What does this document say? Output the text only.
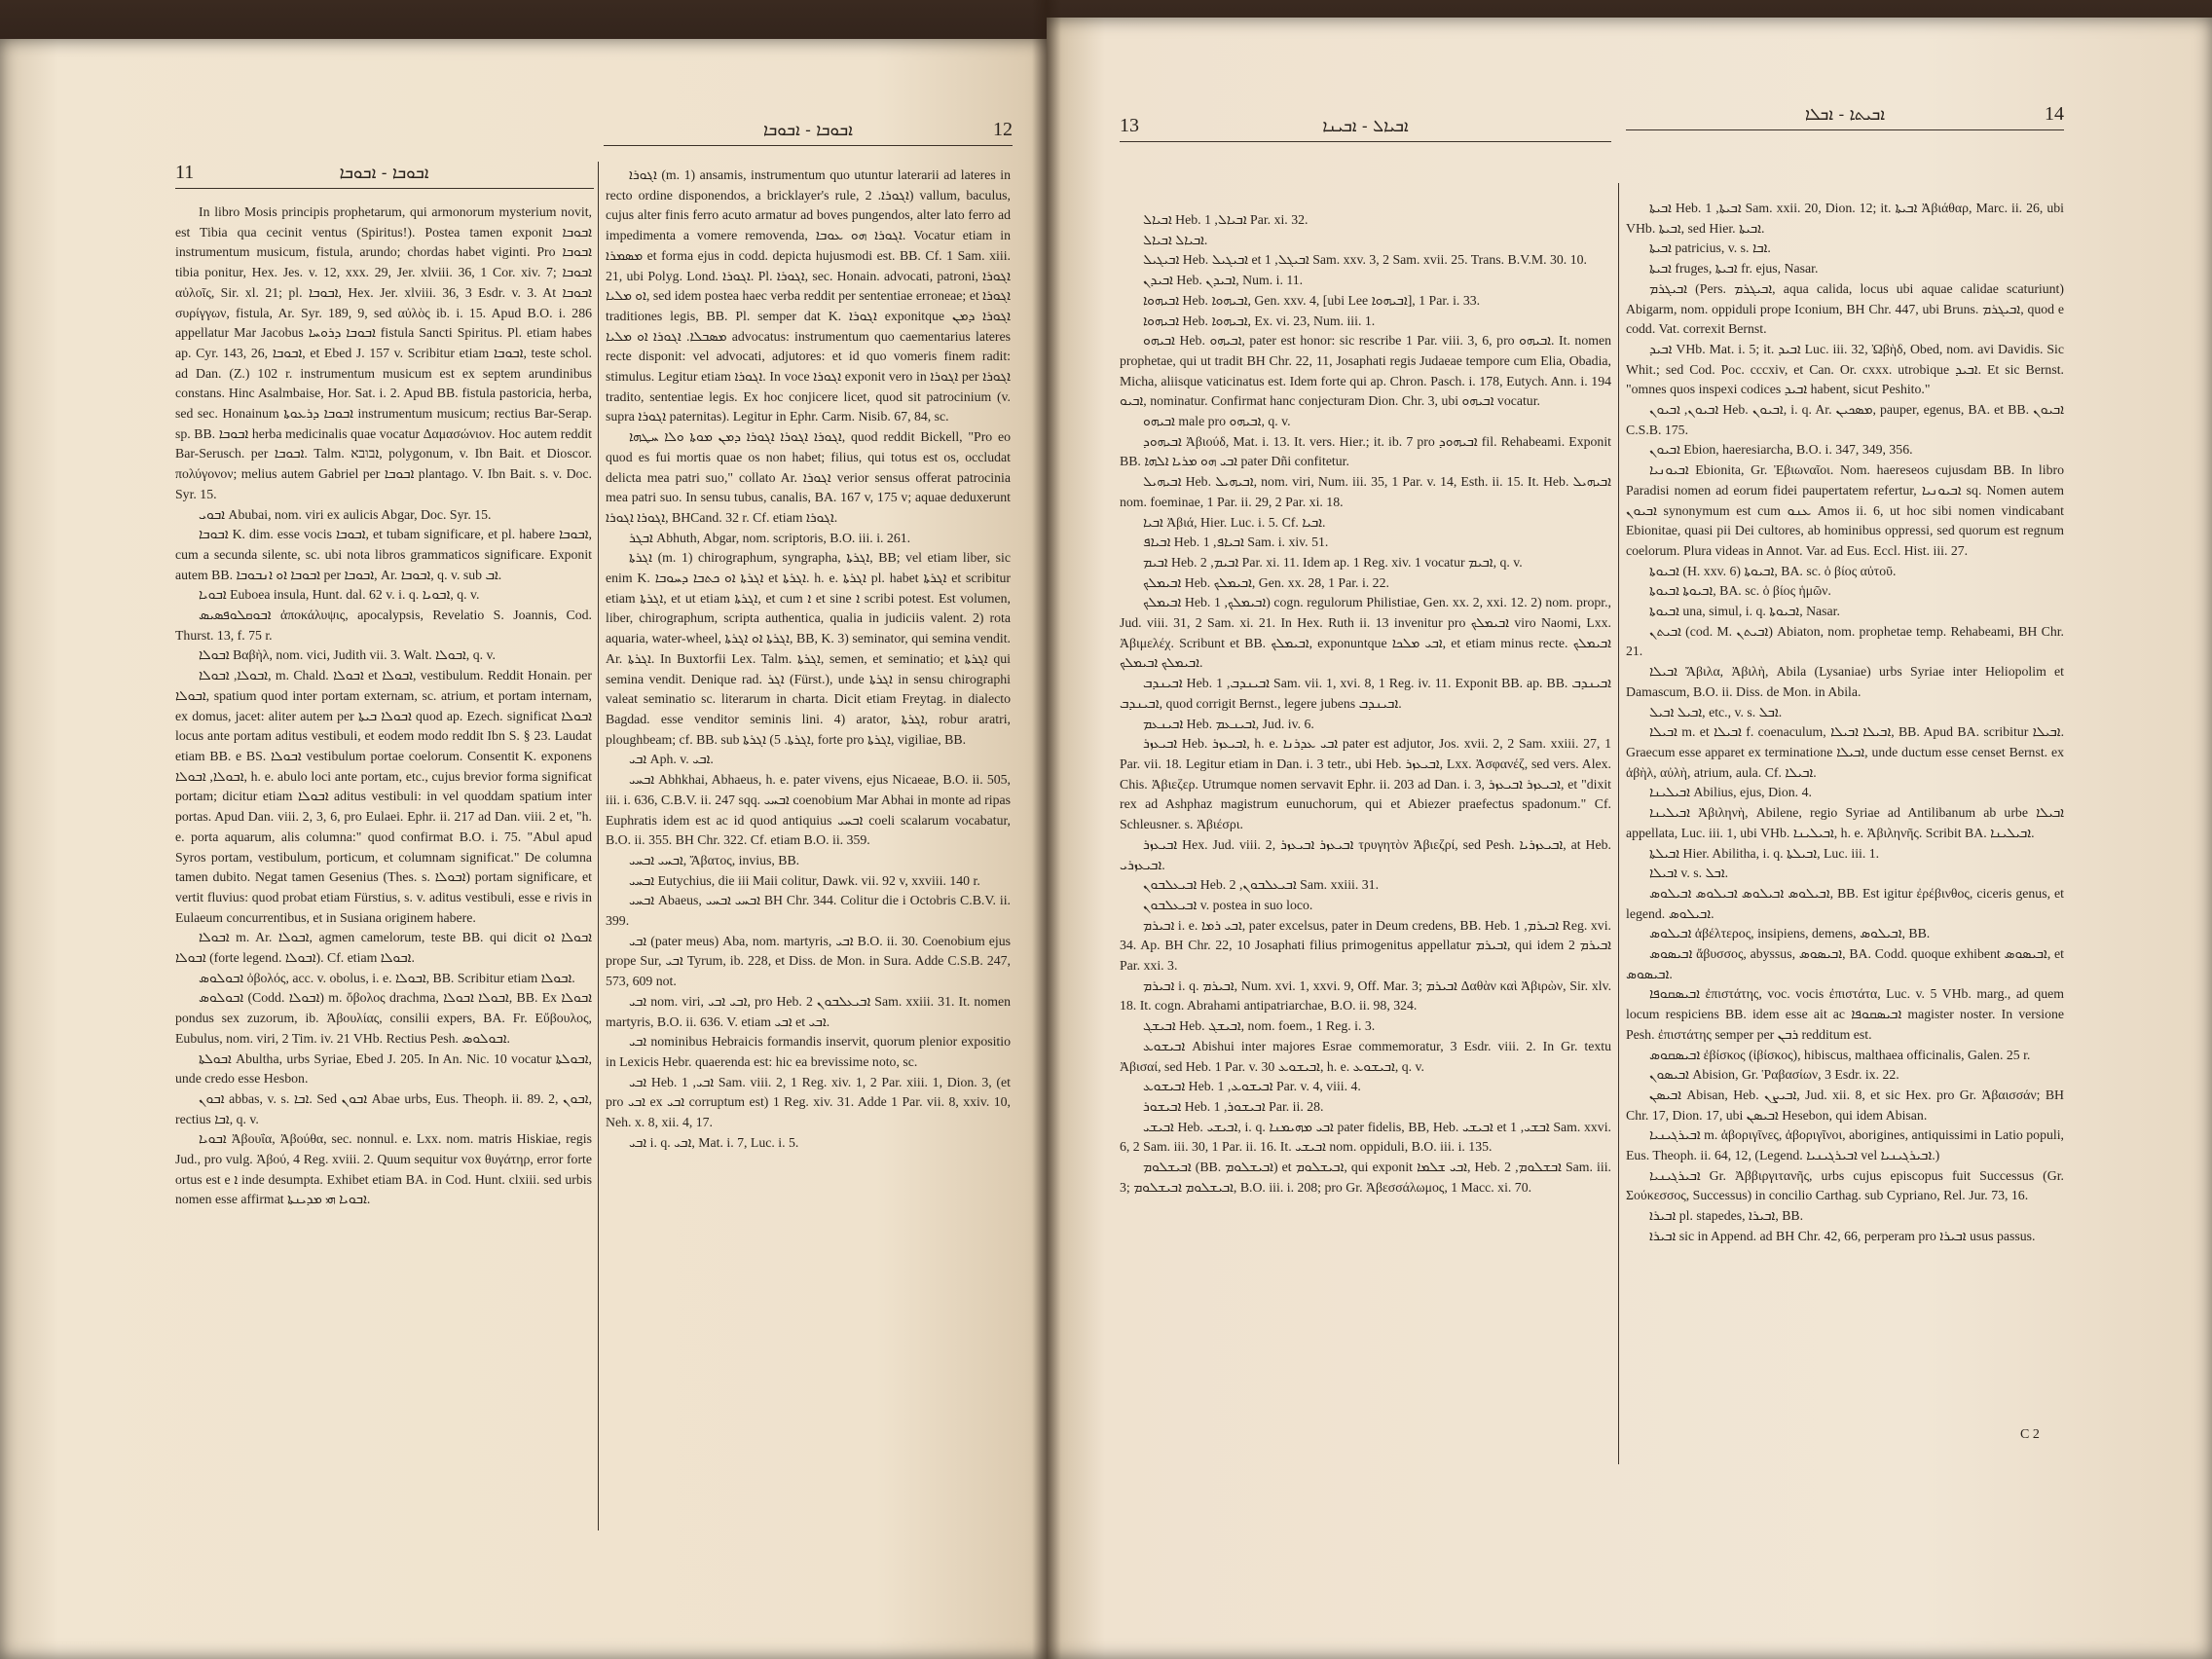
11	ܐܒܘܒܐ - ܐܒܘܒܐ

In libro Mosis principis prophetarum, qui armonorum mysterium novit, est Tibia qua cecinit ventus (Spiritus!). Postea tamen exponit ܐܒܘܒܐ instrumentum musicum, fistula, arundo; chordas habet viginti. Pro ܐܒܘܒܐ tibia ponitur, Hex. Jes. v. 12, xxx. 29, Jer. xlviii. 36, 1 Cor. xiv. 7; ܐܒܘܒܐ αὐλοῖς, Sir. xl. 21; pl. ܐܒܘܒܐ, Hex. Jer. xlviii. 36, 3 Esdr. v. 3. At ܐܒܘܒܐ συρίγγων, fistula, Ar. Syr. 189, 9, sed αὐλὸς ib. i. 15. Apud B.O. i. 286 appellatur Mar Jacobus ܐܒܘܒܐ ܕܪܘܚܐ fistula Sancti Spiritus. Pl. etiam habes ap. Cyr. 143, 26, ܐܒܘܒܐ, et Ebed J. 157 v. Scribitur etiam ܐܒܘܒܐ, teste schol. ad Dan. (Z.) 102 r. instrumentum musicum est ex septem arundinibus constans. Hinc Asalmbaise, Hor. Sat. i. 2. Apud BB. fistula pastoricia, herba, sed sec. Honainum ܐܒܘܒܐ ܕܪܥܘܬܐ instrumentum musicum; rectius Bar-Serap. sp. BB. ܐܒܘܒܐ herba medicinalis quae vocatur Δαμασώνιον. Hoc autem reddit Bar-Serusch. per ܐܒܘܒܐ. Talm. ܐבובא, polygonum, v. Ibn Bait. et Dioscor. πολύγονον; melius autem Gabriel per ܐܒܘܒܐ plantago. V. Ibn Bait. s. v. Doc. Syr. 15.

ܐܒܘܝ Abubai, nom. viri ex aulicis Abgar, Doc. Syr. 15.

ܐܒܘܒܐ K. dim. esse vocis ܐܒܘܒܐ, et tubam significare, et pl. habere ܐܒܘܒܐ, cum a secunda silente, sc. ubi nota libros grammaticos significare. Exponit autem BB. ܐܒܘܒܐ ܐܘ ܐܢܒܘܒܐ per ܐܒܘܒܐ, Ar. ܐܒܘܒܐ, q. v. sub ܐܒ.

ܐܒܘܝܐ Euboea insula, Hunt. dal. 62 v. i. q. ܐܒܘܝܐ, q. v.

ܐܒܘܩܠܘܦܣܝܣ ἀποκάλυψις, apocalypsis, Revelatio S. Joannis, Cod. Thurst. 13, f. 75 r.

ܐܒܘܠܐ Βαβὴλ, nom. vici, Judith vii. 3. Walt. ܐܒܘܠܐ, q. v.

ܐܒܘܠܐ, ܐܒܘܠܐ, m. Chald. ܐܒܘܠܐ et ܐܒܘܠܐ, vestibulum. Reddit Honain. per ܐܒܘܠܐ, spatium quod inter portam externam, sc. atrium, et portam internam, ex domus, jacet: aliter autem per ܐܒܘܠܐ ܒܝܬܐ quod ap. Ezech. significat ܐܒܘܠܐ locus ante portam aditus vestibuli, et eodem modo reddit Ibn S. § 23. Laudat etiam BB. e BS. ܐܒܘܠܐ vestibulum portae coelorum. Consentit K. exponens ܐܒܘܠܐ, ܐܒܘܠܐ, h. e. abulo loci ante portam, etc., cujus brevior forma significat portam; dicitur etiam ܐܒܘܠܐ aditus vestibuli: in vel quoddam spatium inter portas. Apud Dan. viii. 2, 3, 6, pro Eulaei. Ephr. ii. 217 ad Dan. viii. 2 et, "h. e. porta aquarum, alis columna:" quod confirmat B.O. i. 75. "Abul apud Syros portam, vestibulum, porticum, et columnam significat." De columna tamen dubito. Negat tamen Gesenius (Thes. s. ܐܒܘܠܐ) portam significare, et vertit fluvius: quod probat etiam Fürstius, s. v. aditus vestibuli, esse e rivis in Eulaeum concurrentibus, et in Susiana originem habere.

ܐܒܘܠܐ m. Ar. ܐܒܘܠܐ, agmen camelorum, teste BB. qui dicit ܐܒܘܠܐ ܐܘ ܐܒܘܠܐ (forte legend. ܐܒܘܠܐ). Cf. etiam ܐܒܘܠܐ.

ܐܒܘܠܘܣ ὀβολός, acc. v. obolus, i. e. ܐܒܘܠܐ, BB. Scribitur etiam ܐܒܘܠܐ.

ܐܒܘܠܘܣ (Codd. ܐܒܘܠܐ) m. ὄβολος drachma, ܐܒܘܠܐ ܐܒܘܠܐ, BB. Ex ܐܒܘܠܐ pondus sex zuzorum, ib. Ἀβουλίας, consilii expers, BA. Fr. Εὔβουλος, Eubulus, nom. viri, 2 Tim. iv. 21 VHb. Rectius Pesh. ܐܒܘܠܘܣ.

ܐܒܘܠܬܐ Abultha, urbs Syriae, Ebed J. 205. In An. Nic. 10 vocatur ܐܒܘܠܬܐ, unde credo esse Hesbon.

ܐܒܘܢ abbas, v. s. ܐܒܐ. Sed ܐܒܘܢ Abae urbs, Eus. Theoph. ii. 89. 2, ܐܒܘܢ, rectius ܐܒܐ, q. v.

ܐܒܘܝܐ Ἀβουΐα, Ἀβούθα, sec. nonnul. e. Lxx. nom. matris Hiskiae, regis Jud., pro vulg. Ἀβού, 4 Reg. xviii. 2. Quum sequitur vox θυγάτηρ, error forte ortus est e ܐ inde desumpta. Exhibet etiam BA. in Cod. Hunt. clxiii. sed urbis nomen esse affirmat ܐܒܘܝܐ ܗܝ ܡܕܝܢܬܐ.

ܐܒܘܒܐ - ܐܒܘܒܐ	12

ܐܓܘܪܐ (m. 1) ansamis, instrumentum quo utuntur laterarii ad lateres in recto ordine disponendos, a bricklayer's rule, ܐܓܘܪܐ. 2) vallum, baculus, cujus alter finis ferro acuto armatur ad boves pungendos, alter lato ferro ad impedimenta a vomere removenda, ܐܓܘܪܐ ܗܘ ܥܘܒܐ. Vocatur etiam in ܡܣܡܪܐ et forma ejus in codd. depicta hujusmodi est. BB. Cf. 1 Sam. xiii. 21, ubi Polyg. Lond. ܐܓܘܪܐ. Pl. ܐܓܘܪܐ, sec. Honain. advocati, patroni, ܐܓܘܪܐ ܐܘ ܡܠܝܐ, sed idem postea haec verba reddit per sententiae erroneae; et ܐܓܘܪܐ traditiones legis, BB. Pl. semper dat K. ܐܓܘܪܐ exponitque ܐܓܘܪܐ ܕܡܢ ܡܣܒܠܐ. ܐܓܘܪܐ ܐܘ ܡܠܝܐ advocatus: instrumentum quo caementarius lateres recte disponit: vel advocati, adjutores: et id quo vomeris finem radit: stimulus. Legitur etiam ܐܓܘܪܐ. In voce ܐܓܘܪܐ exponit vero in ܐܓܘܪܐ per ܐܓܘܪܐ tradito, sententiae legis. Ex hoc conjicere licet, quod sit patrocinium (v. supra ܐܓܘܪܐ paternitas). Legitur in Ephr. Carm. Nisib. 67, 84, sc.

ܐܓܘܪܐ ܐܓܘܪܐ ܐܓܘܪܐ ܕܡܢ ܡܘܬܐ ܘܠܐ ܚܛܗܐ, quod reddit Bickell, "Pro eo quod es fui mortis quae os non habet; filius, qui totus est os, occludat delicta mea patri suo," collato Ar. ܐܓܘܪܐ verior sensus offerat patrocinia mea patri suo. In sensu tubus, canalis, BA. 167 v, 175 v; aquae deduxerunt ܐܓܘܪܐ ܐܓܘܪܐ, BHCand. 32 r. Cf. etiam ܐܓܘܪܐ.

ܐܒܓܪ Abhuth, Abgar, nom. scriptoris, B.O. iii. i. 261.

ܐܓܪܬܐ (m. 1) chirographum, syngrapha, ܐܓܪܬܐ, BB; vel etiam liber, sic enim K. ܐܓܪܬܐ ܐܘ ܟܬܒܐ ܕܚܘܒܐ et ܐܓܪܬܐ. h. e. ܐܓܪܬܐ pl. habet ܐܓܪܬܐ et scribitur etiam ܐܓܪܬܐ, et ut etiam ܐܓܪܬܐ, et cum ܐ et sine ܐ scribi potest. Est volumen, liber, chirographum, scripta authentica, qualia in judiciis valent. 2) rota aquaria, water-wheel, ܐܓܪܬܐ ܐܘ ܐܓܪܬܐ, BB, K. 3) seminator, qui semina vendit. Ar. ܐܓܪܬܐ. In Buxtorfii Lex. Talm. ܐܓܪܬܐ, semen, et seminatio; et ܐܓܪܬܐ qui semina vendit. Denique rad. ܐܓܪ (Fürst.), unde ܐܓܪܬܐ in sensu chirographi valeat seminatio sc. literarum in charta. Dicit etiam Freytag. in dialecto Bagdad. esse venditor seminis lini. 4) arator, ܐܓܪܬܐ, robur aratri, ploughbeam; cf. BB. sub ܐܓܪܬܐ. 5) ܐܓܪܬܐ, forte pro ܐܓܪܬܐ, vigiliae, BB.

ܐܒܝ Aph. v. ܐܒܝ.

ܐܒܚܝ Abhkhai, Abhaeus, h. e. pater vivens, ejus Nicaeae, B.O. ii. 505, iii. i. 636, C.B.V. ii. 247 sqq. ܐܒܚܝ coenobium Mar Abhai in monte ad ripas Euphratis idem est ac id quod antiquius ܐܒܚܝ coeli scalarum vocabatur, B.O. ii. 355. BH Chr. 322. Cf. etiam B.O. ii. 359.

ܐܒܚܝ ܐܒܚܝ, Ἄβατος, invius, BB.

ܐܒܚܝ Eutychius, die iii Maii colitur, Dawk. vii. 92 v, xxviii. 140 r.

ܐܒܚܝ Abaeus, ܐܒܚܝ ܐܒܚܝ BH Chr. 344. Colitur die i Octobris C.B.V. ii. 399.

ܐܒܝ (pater meus) Aba, nom. martyris, ܐܒܝ B.O. ii. 30. Coenobium ejus prope Sur, ܐܒܝ Tyrum, ib. 228, et Diss. de Mon. in Sura. Adde C.S.B. 247, 573, 609 not.

ܐܒܝ nom. viri, ܐܒܝ ܐܒܝ, pro Heb. ܐܒܝܥܠܒܘܢ 2 Sam. xxiii. 31. It. nomen martyris, B.O. ii. 636. V. etiam ܐܒܝ et ܐܒܝ.

ܐܒܝ nominibus Hebraicis formandis inservit, quorum plenior expositio in Lexicis Hebr. quaerenda est: hic ea brevissime noto, sc.

ܐܒܝ Heb. ܐܒܝ, 1 Sam. viii. 2, 1 Reg. xiv. 1, 2 Par. xiii. 1, Dion. 3, (et pro ܐܒܝ ex ܐܒܝ corruptum est) 1 Reg. xiv. 31. Adde 1 Par. vii. 8, xxiv. 10, Neh. x. 8, xii. 4, 17.

ܐܒܝ i. q. ܐܒܝ, Mat. i. 7, Luc. i. 5.

13	ܐܒܝܐܠ - ܐܒܝܢܐ

ܐܒܝܐܠ Heb. ܐܒܝܐܠ, 1 Par. xi. 32.

ܐܒܝܐܠ ܐܒܝܐܠ.

ܐܒܝܓܝܠ Heb. ܐܒܝܓܝܠ et ܐܒܝܓܠ, 1 Sam. xxv. 3, 2 Sam. xvii. 25. Trans. B.V.M. 30. 10.

ܐܒܝܕܢ Heb. ܐܒܝܕܢ, Num. i. 11.

ܐܒܝܗܘܐ Heb. ܐܒܝܗܘܐ, Gen. xxv. 4, [ubi Lee ܐܒܝܗܘܐ], 1 Par. i. 33.

ܐܒܝܗܘܐ Heb. ܐܒܝܗܘܐ, Ex. vi. 23, Num. iii. 1.

ܐܒܝܗܘ Heb. ܐܒܝܗܘ, pater est honor: sic rescribe 1 Par. viii. 3, 6, pro ܐܒܝܗܘ. It. nomen prophetae, qui ut tradit BH Chr. 22, 11, Josaphati regis Judaeae tempore cum Elia, Obadia, Micha, aliisque vaticinatus est. Idem forte qui ap. Chron. Pasch. i. 178, Eutych. Ann. i. 194 ܐܒܝܘ, nominatur. Confirmat hanc conjecturam Dion. Chr. 3, ubi ܐܒܝܗܘ vocatur.

ܐܒܝܗܘ male pro ܐܒܝܗܘ, q. v.

ܐܒܝܗܘܕ Ἀβιούδ, Mat. i. 13. It. vers. Hier.; it. ib. 7 pro ܐܒܝܗܘܕ fil. Rehabeami. Exponit BB. ܐܒܝ ܗܘ ܡܪܝܐ ܐܠܗܐ pater Dñi confitetur.

ܐܒܝܗܝܠ Heb. ܐܒܝܗܝܠ, nom. viri, Num. iii. 35, 1 Par. v. 14, Esth. ii. 15. It. Heb. ܐܒܝܗܝܠ nom. foeminae, 1 Par. ii. 29, 2 Par. xi. 18.

ܐܒܝܐ Ἀβιά, Hier. Luc. i. 5. Cf. ܐܒܝܐ.

ܐܒܝܐܦ Heb. ܐܒܝܐܦ, 1 Sam. i. xiv. 51.

ܐܒܝܡ Heb. ܐܒܝܡ, 2 Par. xi. 11. Idem ap. 1 Reg. xiv. 1 vocatur ܐܒܝܡ, q. v.

ܐܒܝܡܠܟ Heb. ܐܒܝܡܠܟ, Gen. xx. 28, 1 Par. i. 22.

ܐܒܝܡܠܟ Heb. ܐܒܝܡܠܟ, 1) cogn. regulorum Philistiae, Gen. xx. 2, xxi. 12. 2) nom. propr., Jud. viii. 31, 2 Sam. xi. 21. In Hex. Ruth ii. 13 invenitur pro ܐܒܝܡܠܟ viro Naomi, Lxx. Ἀβιμελέχ. Scribunt et BB. ܐܒܝܡܠܟ, exponuntque ܐܒܝ ܡܠܟܐ, et etiam minus recte. ܐܒܝܡܠܟ ܐܒܝܡܠܟ ܐܒܝܡܠܟ.

ܐܒܝܢܕܒ Heb. ܐܒܝܢܕܒ, 1 Sam. vii. 1, xvi. 8, 1 Reg. iv. 11. Exponit BB. ap. BB. ܐܒܝܢܕܒ ܐܒܝܢܕܒ, quod corrigit Bernst., legere jubens ܐܒܝܢܕܒ.

ܐܒܝܢܥܡ Heb. ܐܒܝܢܥܡ, Jud. iv. 6.

ܐܒܝܥܙܪ Heb. ܐܒܝܥܙܪ, h. e. ܐܒܝ ܥܕܪܢܐ pater est adjutor, Jos. xvii. 2, 2 Sam. xxiii. 27, 1 Par. vii. 18. Legitur etiam in Dan. i. 3 tetr., ubi Heb. ܐܒܝܥܙܪ, Lxx. Ἀσφανέζ, sed vers. Alex. Chis. Ἀβιεζερ. Utrumque nomen servavit Ephr. ii. 203 ad Dan. i. 3, ܐܒܝܥܙܪ ܐܒܝܥܙܪ, et "dixit rex ad Ashphaz magistrum eunuchorum, qui et Abiezer praefectus spadonum." Cf. Schleusner. s. Ἀβιέσρι.

ܐܒܝܥܙܪ Hex. Jud. viii. 2, ܐܒܝܥܙܪ ܐܒܝܥܙܪ τρυγητὸν Ἀβιεζρί, sed Pesh. ܐܒܝܥܙܪܝܐ, at Heb. ܐܒܝܥܙܪܝ.

ܐܒܝܥܠܒܘܢ Heb. ܐܒܝܥܠܒܘܢ, 2 Sam. xxiii. 31.

ܐܒܝܥܠܒܘܢ v. postea in suo loco.

ܐܒܝܪܡ i. e. ܐܒܝ ܪܡܐ, pater excelsus, pater in Deum credens, BB. Heb. ܐܒܝܪܡ, 1 Reg. xvi. 34. Ap. BH Chr. 22, 10 Josaphati filius primogenitus appellatur ܐܒܝܪܡ, qui idem ܐܒܝܪܡ 2 Par. xxi. 3.

ܐܒܝܪܡ i. q. ܐܒܝܪܡ, Num. xvi. 1, xxvi. 9, Off. Mar. 3; ܐܒܝܪܡ Δαθὰν καὶ Ἀβιρὼν, Sir. xlv. 18. It. cogn. Abrahami antipatriarchae, B.O. ii. 98, 324.

ܐܒܝܫܓ Heb. ܐܒܝܫܓ, nom. foem., 1 Reg. i. 3.

ܐܒܝܫܘܥ Abishui inter majores Esrae commemoratur, 3 Esdr. viii. 2. In Gr. textu Ἀβισαί, sed Heb. 1 Par. v. 30 ܐܒܝܫܘܥ, h. e. ܐܒܝܫܘܥ, q. v.

ܐܒܝܫܘܥ Heb. ܐܒܝܫܘܥ, 1 Par. v. 4, viii. 4.

ܐܒܝܫܘܪ Heb. ܐܒܝܫܘܪ, 1 Par. ii. 28.

ܐܒܝܫܝ Heb. ܐܒܝܫܝ, i. q. ܐܒܝ ܡܗܝܡܢܐ pater fidelis, BB, Heb. ܐܒܝܫܝ et ܐܒܫܝ, 1 Sam. xxvi. 6, 2 Sam. iii. 30, 1 Par. ii. 16. It. ܐܒܝܫܝ nom. oppiduli, B.O. iii. i. 135.

ܐܒܝܫܠܘܡ (BB. ܐܒܝܫܠܘܡ) et ܐܒܝܫܠܘܡ, qui exponit ܐܒܝ ܫܠܡܐ, Heb. ܐܒܫܠܘܡ, 2 Sam. iii. 3; ܐܒܝܫܠܘܡ ܐܒܝܫܠܘܡ, B.O. iii. i. 208; pro Gr. Ἀβεσσάλωμος, 1 Macc. xi. 70.

ܐܒܝܬܐ - ܐܒܠܐ	14

ܐܒܝܬܐ Heb. ܐܒܝܬܐ, 1 Sam. xxii. 20, Dion. 12; it. ܐܒܝܬܐ Ἀβιάθαρ, Marc. ii. 26, ubi VHb. ܐܒܝܬܐ, sed Hier. ܐܒܝܬܐ.

ܐܒܝܬܐ patricius, v. s. ܐܒܐ.

ܐܒܝܬܐ fruges, ܐܒܝܬܐ fr. ejus, Nasar.

ܐܒܝܓܪܡ (Pers. ܐܒܝܓܪܡ, aqua calida, locus ubi aquae calidae scaturiunt) Abigarm, nom. oppiduli prope Iconium, BH Chr. 447, ubi Bruns. ܐܒܝܓܪܡ, quod e codd. Vat. correxit Bernst.

ܐܒܝܕ VHb. Mat. i. 5; it. ܐܒܝܕ Luc. iii. 32, Ὠβὴδ, Obed, nom. avi Davidis. Sic Whit.; sed Cod. Poc. cccxiv, et Can. Or. cxxx. utrobique ܐܒܝܕ. Et sic Bernst. "omnes quos inspexi codices ܐܒܝܕ habent, sicut Peshito."

ܐܒܝܘܢ, ܐܒܝܘܢ Heb. ܐܒܝܘܢ, i. q. Ar. ܡܣܟܝܢ, pauper, egenus, BA. et BB. ܐܒܝܘܢ C.S.B. 175.

ܐܒܝܘܢ Ebion, haeresiarcha, B.O. i. 347, 349, 356.

ܐܒܝܘܢܝܐ Ebionita, Gr. Ἐβιωναῖοι. Nom. haereseos cujusdam BB. In libro Paradisi nomen ad eorum fidei paupertatem refertur, ܐܒܝܘܢܝܐ sq. Nomen autem ܐܒܝܘܢ synonymum est cum ܥܢܘ Amos ii. 6, ut hoc sibi nomen vindicabant Ebionitae, quasi pii Dei cultores, ab hominibus oppressi, sed quorum est regnum coelorum. Plura videas in Annot. Var. ad Eus. Eccl. Hist. iii. 27.

ܐܒܝܘܬܐ (H. xxv. 6) ܐܒܝܘܬܐ, BA. sc. ὁ βίος αὐτοῦ.

ܐܒܝܘܬܐ ܐܒܝܘܬܐ, BA. sc. ὁ βίος ἡμῶν.

ܐܒܝܘܬܐ una, simul, i. q. ܐܒܝܘܬܐ, Nasar.

ܐܒܝܬܢ (cod. M. ܐܒܝܬܢ) Abiaton, nom. prophetae temp. Rehabeami, BH Chr. 21.

ܐܒܝܠܐ Ἄβιλα, Ἀβιλὴ, Abila (Lysaniae) urbs Syriae inter Heliopolim et Damascum, B.O. ii. Diss. de Mon. in Abila.

ܐܒܝܠ ܐܒܝܠ, etc., v. s. ܐܒܠ.

ܐܒܝܠܐ m. et ܐܒܝܠܐ f. coenaculum, ܐܒܝܠܐ ܐܒܝܠܐ, BB. Apud BA. scribitur ܐܒܝܠܐ. Graecum esse apparet ex terminatione ܐܒܝܠܐ, unde ductum esse censet Bernst. ex ἀβὴλ, αὐλὴ, atrium, aula. Cf. ܐܒܝܠܐ.

ܐܒܝܠܝܢܐ Abilius, ejus, Dion. 4.

ܐܒܝܠܝܢܐ Ἀβιληνὴ, Abilene, regio Syriae ad Antilibanum ab urbe ܐܒܝܠܐ appellata, Luc. iii. 1, ubi VHb. ܐܒܝܠܝܢܐ, h. e. Ἀβιληνῆς. Scribit BA. ܐܒܝܠܝܢܐ.

ܐܒܝܠܬܐ Hier. Abilitha, i. q. ܐܒܝܠܬܐ, Luc. iii. 1.

ܐܒܝܠܐ v. s. ܐܒܠ.

ܐܒܝܠܘܣ ܐܒܝܠܘܣ ܐܒܝܠܘܣ ܐܒܝܠܘܣ, BB. Est igitur ἐρέβινθος, ciceris genus, et legend. ܐܒܝܠܘܣ.

ܐܒܝܠܘܣ ἀβέλτερος, insipiens, demens, ܐܒܝܠܘܣ, BB.

ܐܒܝܣܘܣ ἄβυσσος, abyssus, ܐܒܝܣܘܣ, BA. Codd. quoque exhibent ܐܒܝܣܘܣ, et ܐܒܝܣܘܣ.

ܐܒܝܣܩܘܦܐ ἐπιστάτης, voc. vocis ἐπιστάτα, Luc. v. 5 VHb. marg., ad quem locum respiciens BB. idem esse ait ac ܐܒܝܣܩܘܦܐ magister noster. In versione Pesh. ἐπιστάτης semper per ܪܒܢ redditum est.

ܐܒܝܣܩܘܣ ἐβίσκος (ἰβίσκος), hibiscus, malthaea officinalis, Galen. 25 r.

ܐܒܝܣܘܢ Abision, Gr. Ῥαβασίων, 3 Esdr. ix. 22.

ܐܒܝܣܢ Abisan, Heb. ܐܒܝܨܢ, Jud. xii. 8, et sic Hex. pro Gr. Ἀβαισσάν; BH Chr. 17, Dion. 17, ubi ܐܒܝܣܢ Hesebon, qui idem Abisan.

ܐܒܝܪܓܝܢܝܐ m. ἀβοριγῖνες, ἀβοριγῖνοι, aborigines, antiquissimi in Latio populi, Eus. Theoph. ii. 64, 12, (Legend. ܐܒܝܪܓܝܢܝܐ vel ܐܒܝܪܓܝܢܝܐ.)

ܐܒܝܪܓܝܢܝܐ Gr. Ἀββιργιτανῆς, urbs cujus episcopus fuit Successus (Gr. Σούκεσσος, Successus) in concilio Carthag. sub Cypriano, Rel. Jur. 73, 16.

ܐܒܝܪܐ pl. stapedes, ܐܒܝܪܐ, BB.

ܐܒܝܪܐ sic in Append. ad BH Chr. 42, 66, perperam pro ܐܒܝܪܐ usus passus.

C 2
